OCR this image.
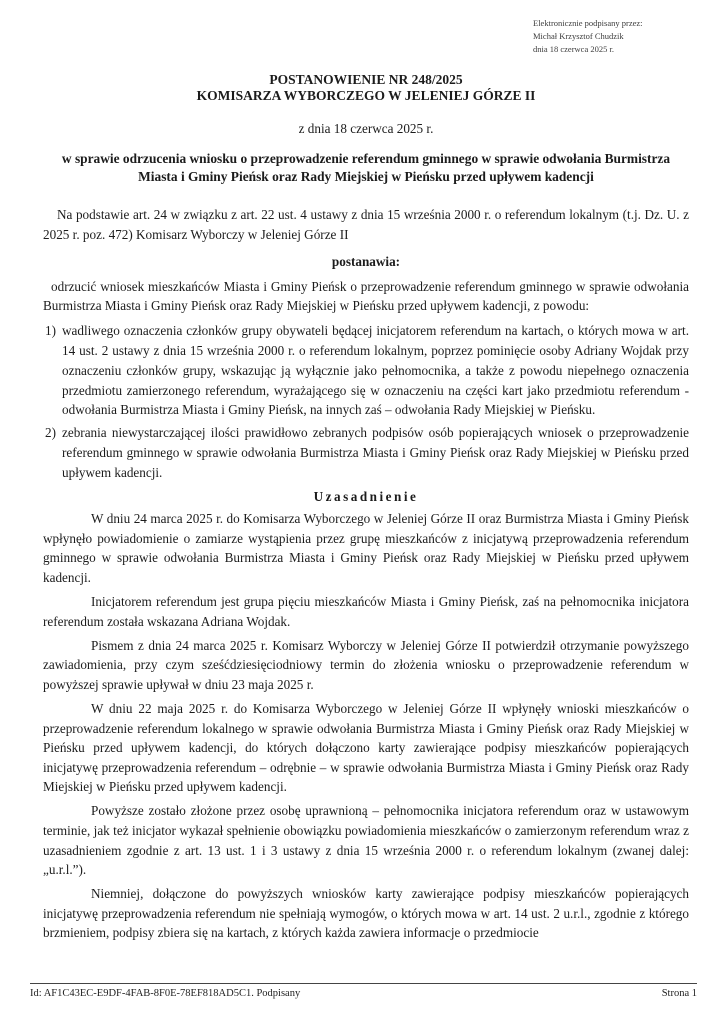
Elektronicznie podpisany przez:
Michał Krzysztof Chudzik
dnia 18 czerwca 2025 r.
POSTANOWIENIE NR 248/2025
KOMISARZA WYBORCZEGO W JELENIEJ GÓRZE II
z dnia 18 czerwca 2025 r.
w sprawie odrzucenia wniosku o przeprowadzenie referendum gminnego w sprawie odwołania Burmistrza Miasta i Gminy Pieńsk oraz Rady Miejskiej w Pieńsku przed upływem kadencji

Na podstawie art. 24 w związku z art. 22 ust. 4 ustawy z dnia 15 września 2000 r. o referendum lokalnym (t.j. Dz. U. z 2025 r. poz. 472) Komisarz Wyborczy w Jeleniej Górze II

postanawia:

odrzucić wniosek mieszkańców Miasta i Gminy Pieńsk o przeprowadzenie referendum gminnego w sprawie odwołania Burmistrza Miasta i Gminy Pieńsk oraz Rady Miejskiej w Pieńsku przed upływem kadencji, z powodu:

1) wadliwego oznaczenia członków grupy obywateli będącej inicjatorem referendum na kartach, o których mowa w art. 14 ust. 2 ustawy z dnia 15 września 2000 r. o referendum lokalnym, poprzez pominięcie osoby Adriany Wojdak przy oznaczeniu członków grupy, wskazując ją wyłącznie jako pełnomocnika, a także z powodu niepełnego oznaczenia przedmiotu zamierzonego referendum, wyrażającego się w oznaczeniu na części kart jako przedmiotu referendum - odwołania Burmistrza Miasta i Gminy Pieńsk, na innych zaś – odwołania Rady Miejskiej w Pieńsku.
2) zebrania niewystarczającej ilości prawidłowo zebranych podpisów osób popierających wniosek o przeprowadzenie referendum gminnego w sprawie odwołania Burmistrza Miasta i Gminy Pieńsk oraz Rady Miejskiej w Pieńsku przed upływem kadencji.
Uzasadnienie

W dniu 24 marca 2025 r. do Komisarza Wyborczego w Jeleniej Górze II oraz Burmistrza Miasta i Gminy Pieńsk wpłynęło powiadomienie o zamiarze wystąpienia przez grupę mieszkańców z inicjatywą przeprowadzenia referendum gminnego w sprawie odwołania Burmistrza Miasta i Gminy Pieńsk oraz Rady Miejskiej w Pieńsku przed upływem kadencji.

Inicjatorem referendum jest grupa pięciu mieszkańców Miasta i Gminy Pieńsk, zaś na pełnomocnika inicjatora referendum została wskazana Adriana Wojdak.

Pismem z dnia 24 marca 2025 r. Komisarz Wyborczy w Jeleniej Górze II potwierdził otrzymanie powyższego zawiadomienia, przy czym sześćdziesięciodniowy termin do złożenia wniosku o przeprowadzenie referendum w powyższej sprawie upływał w dniu 23 maja 2025 r.

W dniu 22 maja 2025 r. do Komisarza Wyborczego w Jeleniej Górze II wpłynęły wnioski mieszkańców o przeprowadzenie referendum lokalnego w sprawie odwołania Burmistrza Miasta i Gminy Pieńsk oraz Rady Miejskiej w Pieńsku przed upływem kadencji, do których dołączono karty zawierające podpisy mieszkańców popierających inicjatywę przeprowadzenia referendum – odrębnie – w sprawie odwołania Burmistrza Miasta i Gminy Pieńsk oraz Rady Miejskiej w Pieńsku przed upływem kadencji.

Powyższe zostało złożone przez osobę uprawnioną – pełnomocnika inicjatora referendum oraz w ustawowym terminie, jak też inicjator wykazał spełnienie obowiązku powiadomienia mieszkańców o zamierzonym referendum wraz z uzasadnieniem zgodnie z art. 13 ust. 1 i 3 ustawy z dnia 15 września 2000 r. o referendum lokalnym (zwanej dalej: „u.r.l.”).

Niemniej, dołączone do powyższych wniosków karty zawierające podpisy mieszkańców popierających inicjatywę przeprowadzenia referendum nie spełniają wymogów, o których mowa w art. 14 ust. 2 u.r.l., zgodnie z którego brzmieniem, podpisy zbiera się na kartach, z których każda zawiera informacje o przedmiocie

Id: AF1C43EC-E9DF-4FAB-8F0E-78EF818AD5C1. Podpisany	Strona 1
